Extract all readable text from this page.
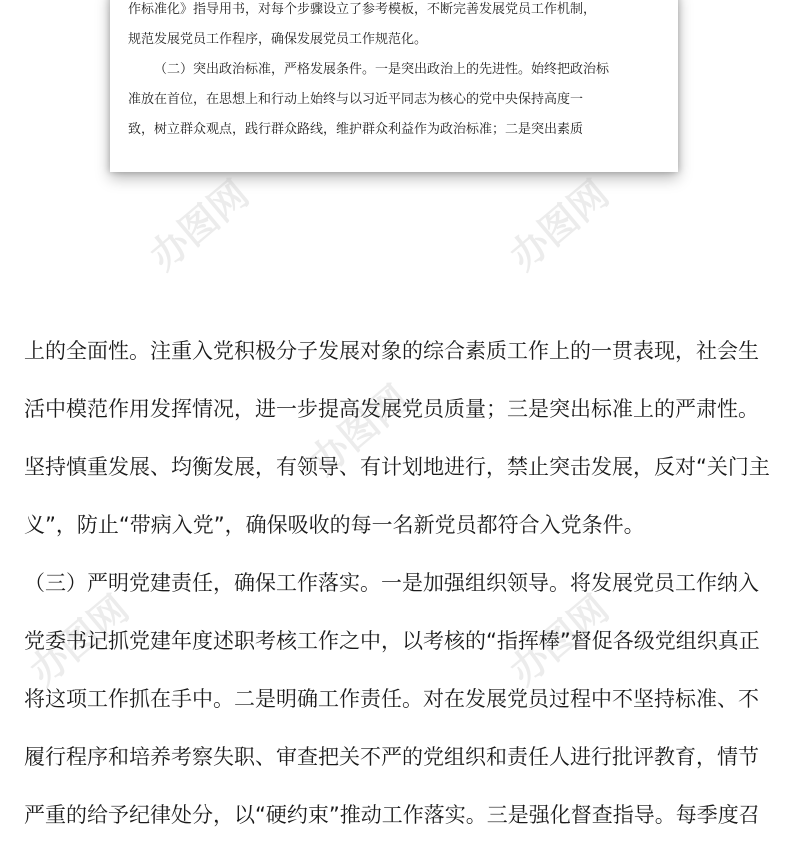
作标准化》指导用书，对每个步骤设立了参考模板，不断完善发展党员工作机制，
规范发展党员工作程序，确保发展党员工作规范化。
（二）突出政治标准，严格发展条件。一是突出政治上的先进性。始终把政治标
准放在首位，在思想上和行动上始终与以习近平同志为核心的党中央保持高度一
致，树立群众观点，践行群众路线，维护群众利益作为政治标准；二是突出素质
办图网	办图网
办图网
办图网	办图网
上的全面性。注重入党积极分子发展对象的综合素质工作上的一贯表现，社会生
活中模范作用发挥情况，进一步提高发展党员质量；三是突出标准上的严肃性。
坚持慎重发展、均衡发展，有领导、有计划地进行，禁止突击发展，反对“关门主
义”，防止“带病入党”，确保吸收的每一名新党员都符合入党条件。
（三）严明党建责任，确保工作落实。一是加强组织领导。将发展党员工作纳入
党委书记抓党建年度述职考核工作之中，以考核的“指挥棒”督促各级党组织真正
将这项工作抓在手中。二是明确工作责任。对在发展党员过程中不坚持标准、不
履行程序和培养考察失职、审查把关不严的党组织和责任人进行批评教育，情节
严重的给予纪律处分，以“硬约束”推动工作落实。三是强化督查指导。每季度召
